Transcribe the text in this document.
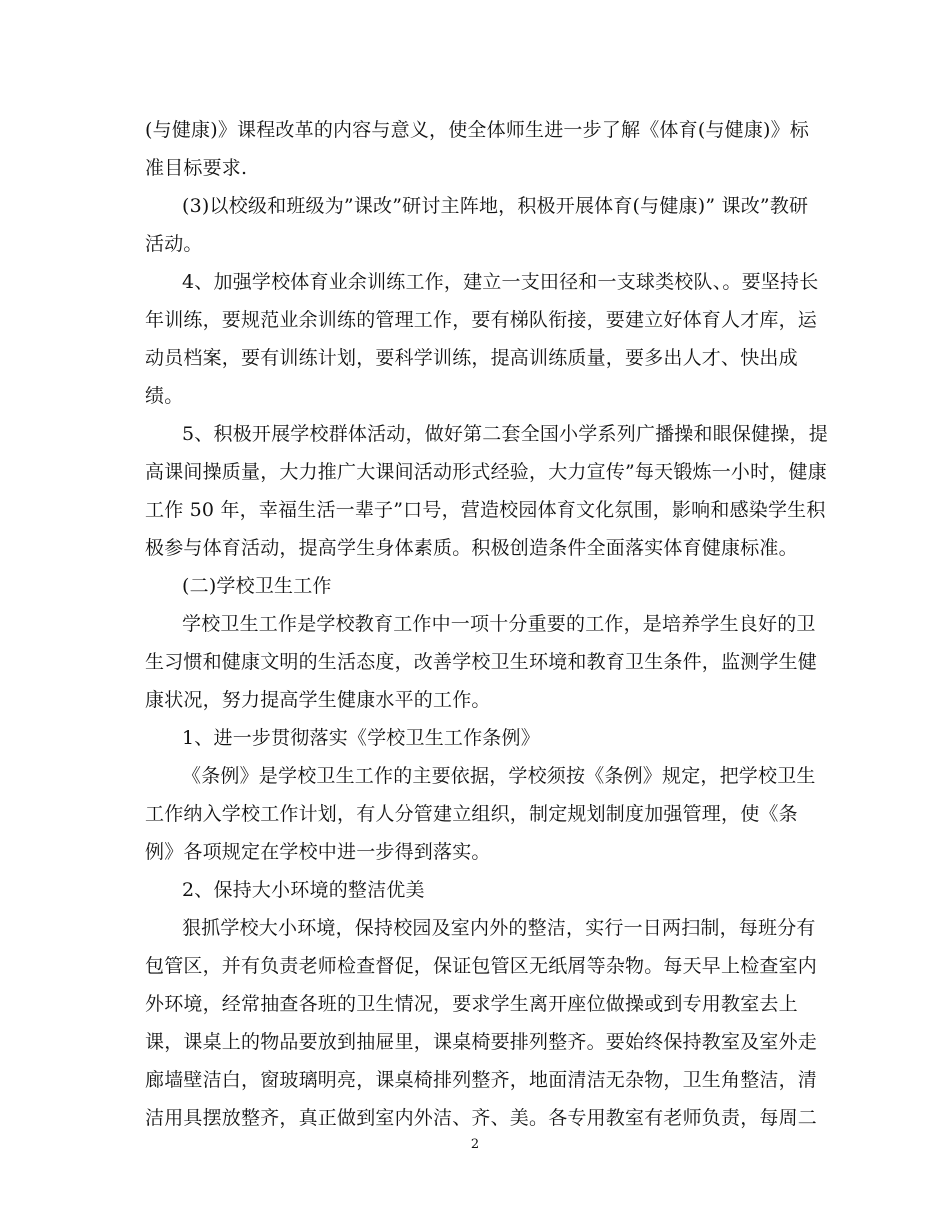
(与健康)》课程改革的内容与意义，使全体师生进一步了解《体育(与健康)》标
准目标要求.
(3)以校级和班级为”课改”研讨主阵地，积极开展体育(与健康)” 课改”教研
活动。
4、加强学校体育业余训练工作，建立一支田径和一支球类校队、。要坚持长
年训练，要规范业余训练的管理工作，要有梯队衔接，要建立好体育人才库，运
动员档案，要有训练计划，要科学训练，提高训练质量，要多出人才、快出成
绩。
5、积极开展学校群体活动，做好第二套全国小学系列广播操和眼保健操，提
高课间操质量，大力推广大课间活动形式经验，大力宣传”每天锻炼一小时，健康
工作 50 年，幸福生活一辈子”口号，营造校园体育文化氛围，影响和感染学生积
极参与体育活动，提高学生身体素质。积极创造条件全面落实体育健康标准。
(二)学校卫生工作
学校卫生工作是学校教育工作中一项十分重要的工作，是培养学生良好的卫
生习惯和健康文明的生活态度，改善学校卫生环境和教育卫生条件，监测学生健
康状况，努力提高学生健康水平的工作。
1、进一步贯彻落实《学校卫生工作条例》
《条例》是学校卫生工作的主要依据，学校须按《条例》规定，把学校卫生
工作纳入学校工作计划，有人分管建立组织，制定规划制度加强管理，使《条
例》各项规定在学校中进一步得到落实。
2、保持大小环境的整洁优美
狠抓学校大小环境，保持校园及室内外的整洁，实行一日两扫制，每班分有
包管区，并有负责老师检查督促，保证包管区无纸屑等杂物。每天早上检查室内
外环境，经常抽查各班的卫生情况，要求学生离开座位做操或到专用教室去上
课，课桌上的物品要放到抽屉里，课桌椅要排列整齐。要始终保持教室及室外走
廊墙壁洁白，窗玻璃明亮，课桌椅排列整齐，地面清洁无杂物，卫生角整洁，清
洁用具摆放整齐，真正做到室内外洁、齐、美。各专用教室有老师负责，每周二
2
